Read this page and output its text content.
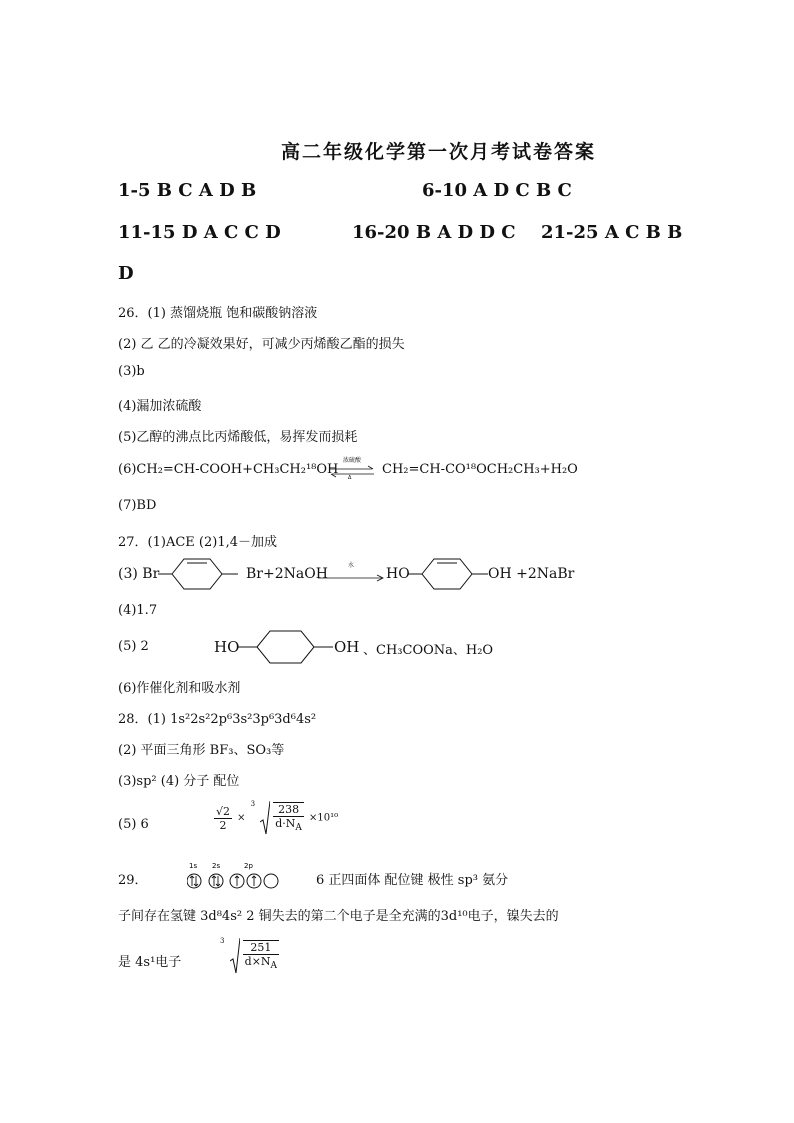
高二年级化学第一次月考试卷答案
1-5 B C A D B	6-10 A D C B C
11-15 D A C C D	16-20 B A D D C 21-25 A C B B
D
26．(1) 蒸馏烧瓶 饱和碳酸钠溶液
(2) 乙 乙的冷凝效果好，可减少丙烯酸乙酯的损失
(3)b
(4)漏加浓硫酸
(5)乙醇的沸点比丙烯酸低，易挥发而损耗
(6)CH₂=CH-COOH+CH₃CH₂¹⁸OH
浓硫酸
Δ
CH₂=CH-CO¹⁸OCH₂CH₃+H₂O
(7)BD
27．(1)ACE (2)1,4－加成
(3) Br	Br+2NaOH
水
HO	OH +2NaBr
(4)1.7
(5) 2	HO	OH 、CH₃COONa、H₂O
(6)作催化剂和吸水剂
28．(1) 1s²2s²2p⁶3s²3p⁶3d⁶4s²
(2) 平面三角形 BF₃、SO₃等
(3)sp² (4) 分子 配位
(5) 6	$\frac{√2}{2} \times ^3 \frac{238}{d\cdot N_A} \times 10^{10}$
29．
1s 2s	2p
6 正四面体 配位键 极性 sp³ 氨分
子间存在氢键 3d⁸4s² 2 铜失去的第二个电子是全充满的3d¹⁰电子，镍失去的
是 4s¹电子
$^3 \frac{251}{d\times N_A}$
